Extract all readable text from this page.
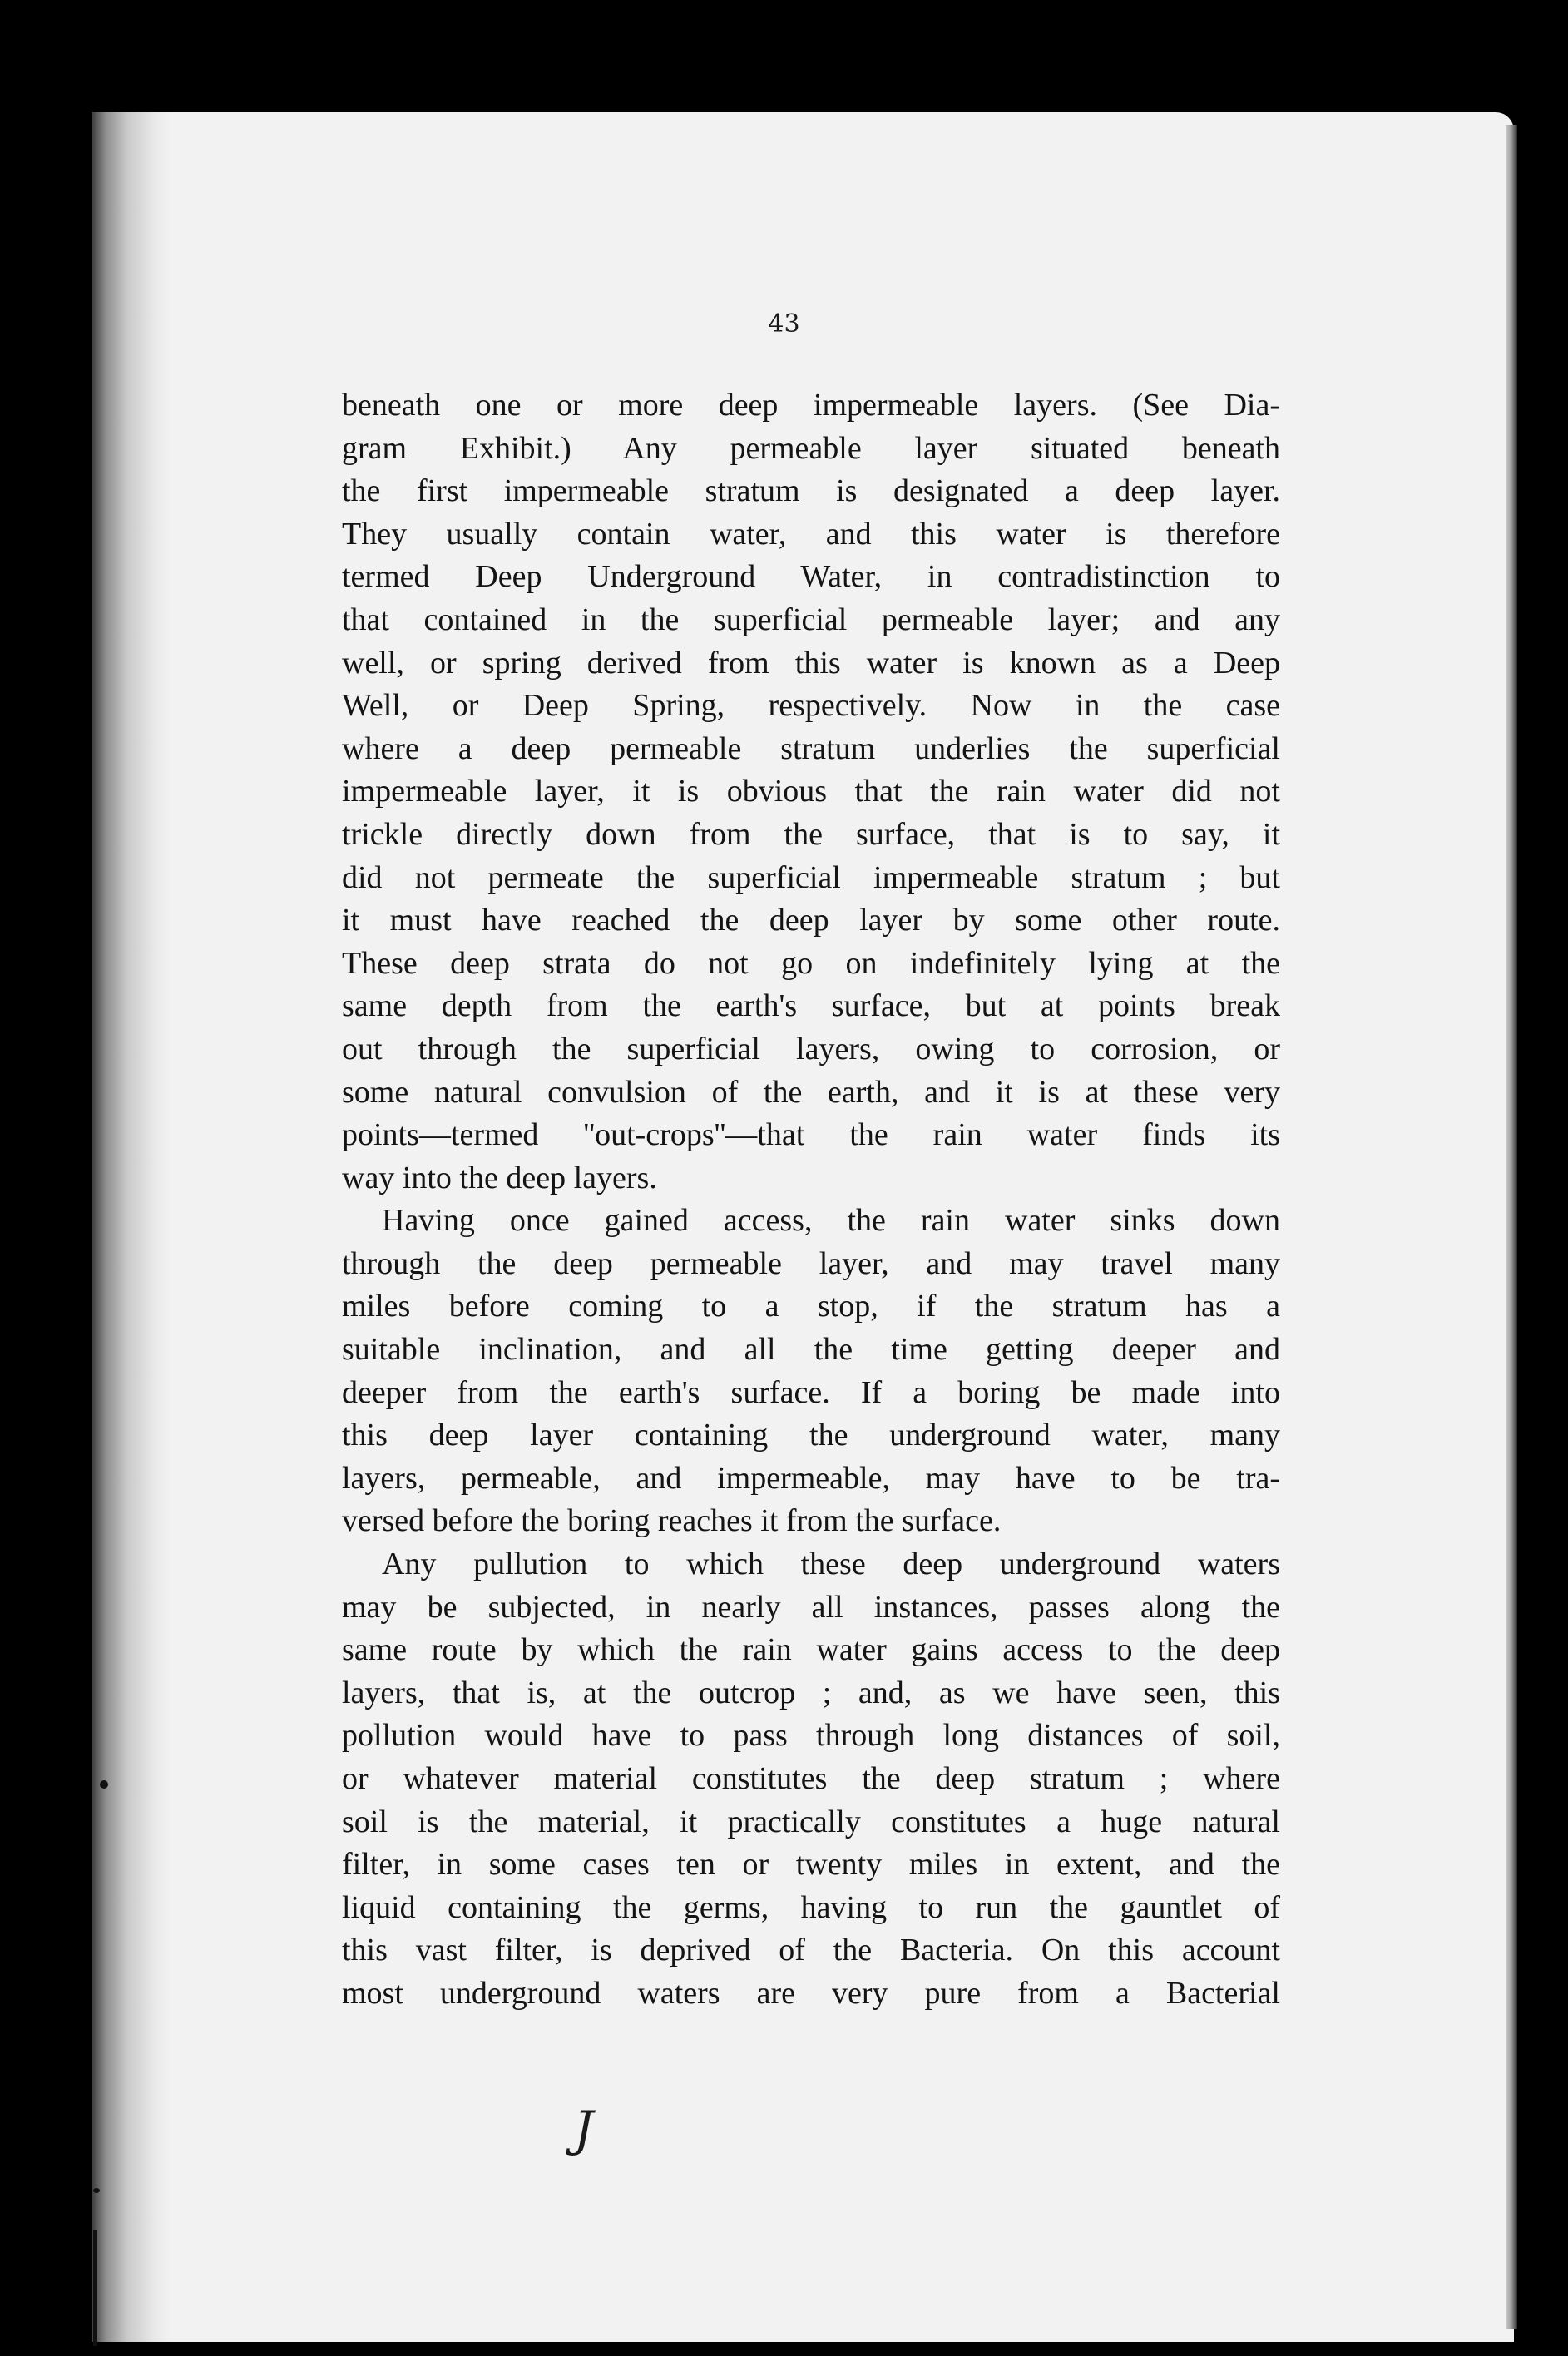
43

beneath one or more deep impermeable layers. (See Dia-
gram Exhibit.) Any permeable layer situated beneath
the first impermeable stratum is designated a deep layer.
They usually contain water, and this water is therefore
termed Deep Underground Water, in contradistinction to
that contained in the superficial permeable layer; and any
well, or spring derived from this water is known as a Deep
Well, or Deep Spring, respectively. Now in the case
where a deep permeable stratum underlies the superficial
impermeable layer, it is obvious that the rain water did not
trickle directly down from the surface, that is to say, it
did not permeate the superficial impermeable stratum ; but
it must have reached the deep layer by some other route.
These deep strata do not go on indefinitely lying at the
same depth from the earth's surface, but at points break
out through the superficial layers, owing to corrosion, or
some natural convulsion of the earth, and it is at these very
points—termed ''out-crops''—that the rain water finds its
way into the deep layers.
Having once gained access, the rain water sinks down
through the deep permeable layer, and may travel many
miles before coming to a stop, if the stratum has a
suitable inclination, and all the time getting deeper and
deeper from the earth's surface. If a boring be made into
this deep layer containing the underground water, many
layers, permeable, and impermeable, may have to be tra-
versed before the boring reaches it from the surface.
Any pullution to which these deep underground waters
may be subjected, in nearly all instances, passes along the
same route by which the rain water gains access to the deep
layers, that is, at the outcrop ; and, as we have seen, this
pollution would have to pass through long distances of soil,
or whatever material constitutes the deep stratum ; where
soil is the material, it practically constitutes a huge natural
filter, in some cases ten or twenty miles in extent, and the
liquid containing the germs, having to run the gauntlet of
this vast filter, is deprived of the Bacteria. On this account
most underground waters are very pure from a Bacterial
J
